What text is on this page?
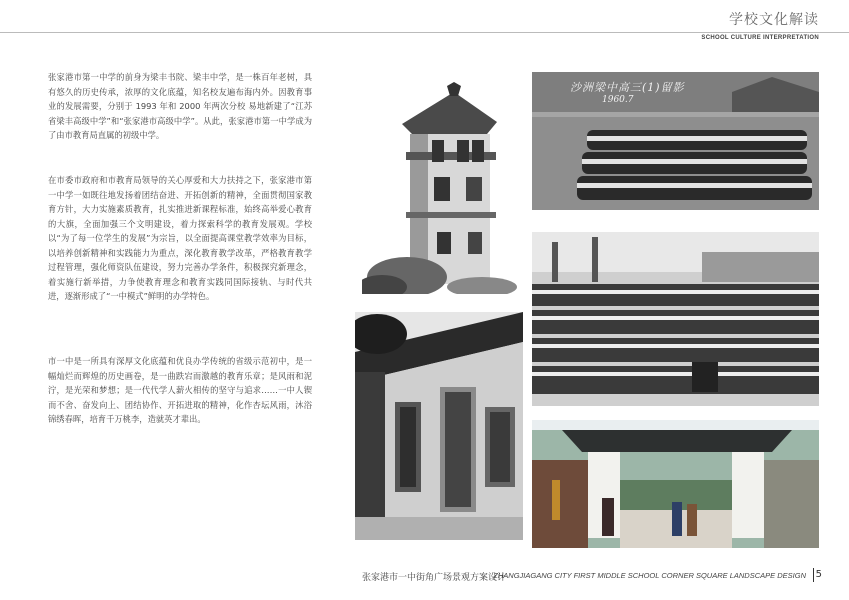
学校文化解读
SCHOOL CULTURE INTERPRETATION
张家港市第一中学的前身为梁丰书院、梁丰中学，是一株百年老树，具有悠久的历史传承，浓厚的文化底蕴，知名校友遍布海内外。因教育事业的发展需要，分别于 1993 年和 2000 年两次分校 易地新建了“江苏省梁丰高级中学”和“张家港市高级中学”。从此，张家港市第一中学成为了由市教育局直属的初级中学。
在市委市政府和市教育局领导的关心厚爱和大力扶持之下，张家港市第一中学一如既往地发扬着团结奋进、开拓创新的精神，全面贯彻国家教育方针，大力实施素质教育，扎实推进新课程标准，始终高举爱心教育的大旗，全面加强三个文明建设，着力探索科学的教育发展观。学校以“为了每一位学生的发展”为宗旨，以全面提高课堂教学效率为目标，以培养创新精神和实践能力为重点，深化教育教学改革，严格教育教学过程管理，强化师资队伍建设，努力完善办学条件，积极探究新理念，着实施行新举措，力争使教育理念和教育实践同国际接轨、与时代共进，逐渐形成了“一中模式”鲜明的办学特色。
市一中是一所具有深厚文化底蕴和优良办学传统的省级示范初中，是一幅灿烂而辉煌的历史画卷，是一曲跌宕而激越的教育乐章；是风雨和泥泞，是光荣和梦想；是一代代学人薪火相传的坚守与追求……一中人锲而不舍、奋发向上、团结协作、开拓进取的精神，化作杏坛风雨，沐浴锦绣春晖，培育千万桃李，造就英才辈出。
沙洲梁中高三(1)留影
1960.7
张家港市一中街角广场景观方案设计
ZHANGJIAGANG CITY FIRST MIDDLE SCHOOL CORNER SQUARE LANDSCAPE DESIGN 5
